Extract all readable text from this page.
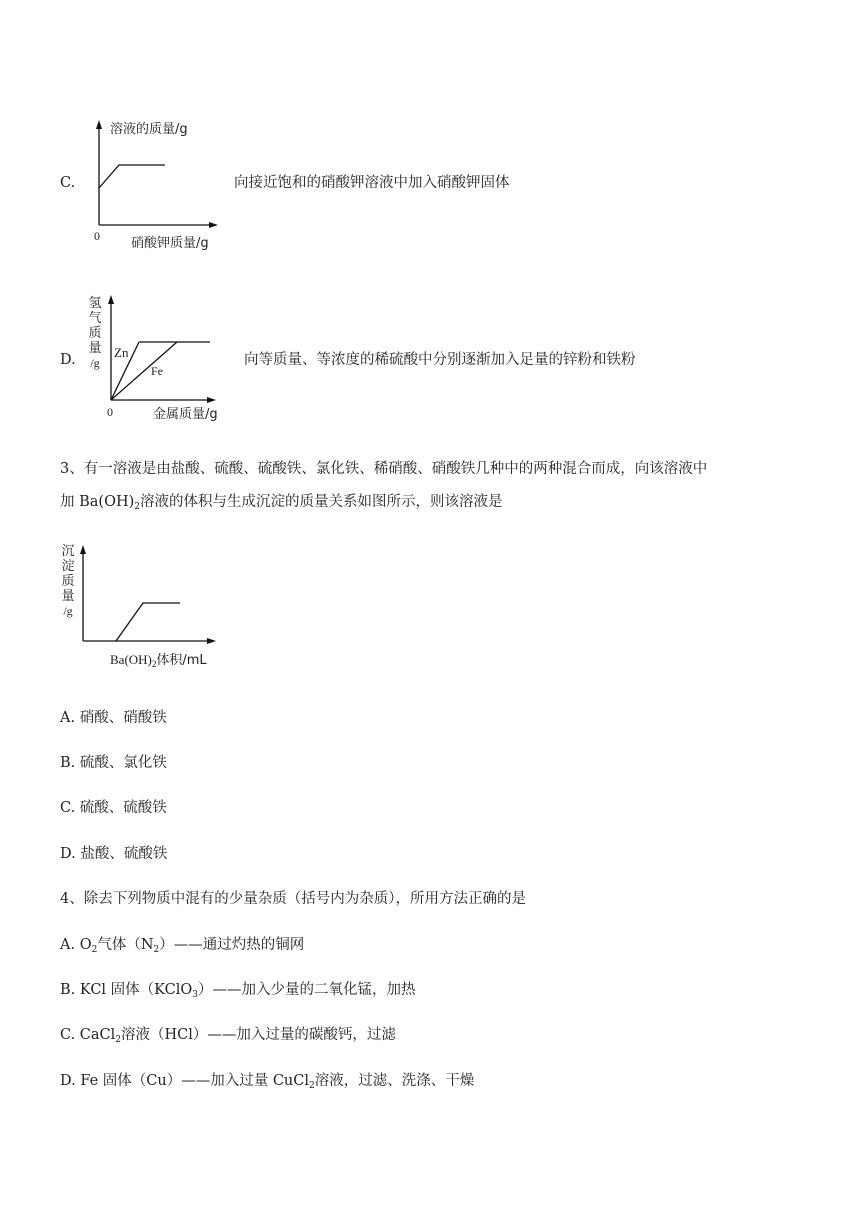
C.
溶液的质量/g
0 硝酸钾质量/g
向接近饱和的硝酸钾溶液中加入硝酸钾固体
D.
氢
气
质
量
/g
Zn
Fe
0	金属质量/g
向等质量、等浓度的稀硫酸中分别逐渐加入足量的锌粉和铁粉
3、有一溶液是由盐酸、硫酸、硫酸铁、氯化铁、稀硝酸、硝酸铁几种中的两种混合而成，向该溶液中
加 $Ba(OH)_2$溶液的体积与生成沉淀的质量关系如图所示，则该溶液是
沉
淀
质
量
/g
$Ba(OH)_2$体积/mL
A. 硝酸、硝酸铁
B. 硫酸、氯化铁
C. 硫酸、硫酸铁
D. 盐酸、硫酸铁
4、除去下列物质中混有的少量杂质（括号内为杂质），所用方法正确的是
A. $O_2$气体$(N_2)——$通过灼热的铜网
B. KCl 固体（KClO$_3$）——加入少量的二氧化锰，加热
C. CaCl$_2$溶液（HCl）——加入过量的碳酸钙，过滤
D. Fe 固体（Cu）——加入过量 CuCl$_2$溶液，过滤、洗涤、干燥
